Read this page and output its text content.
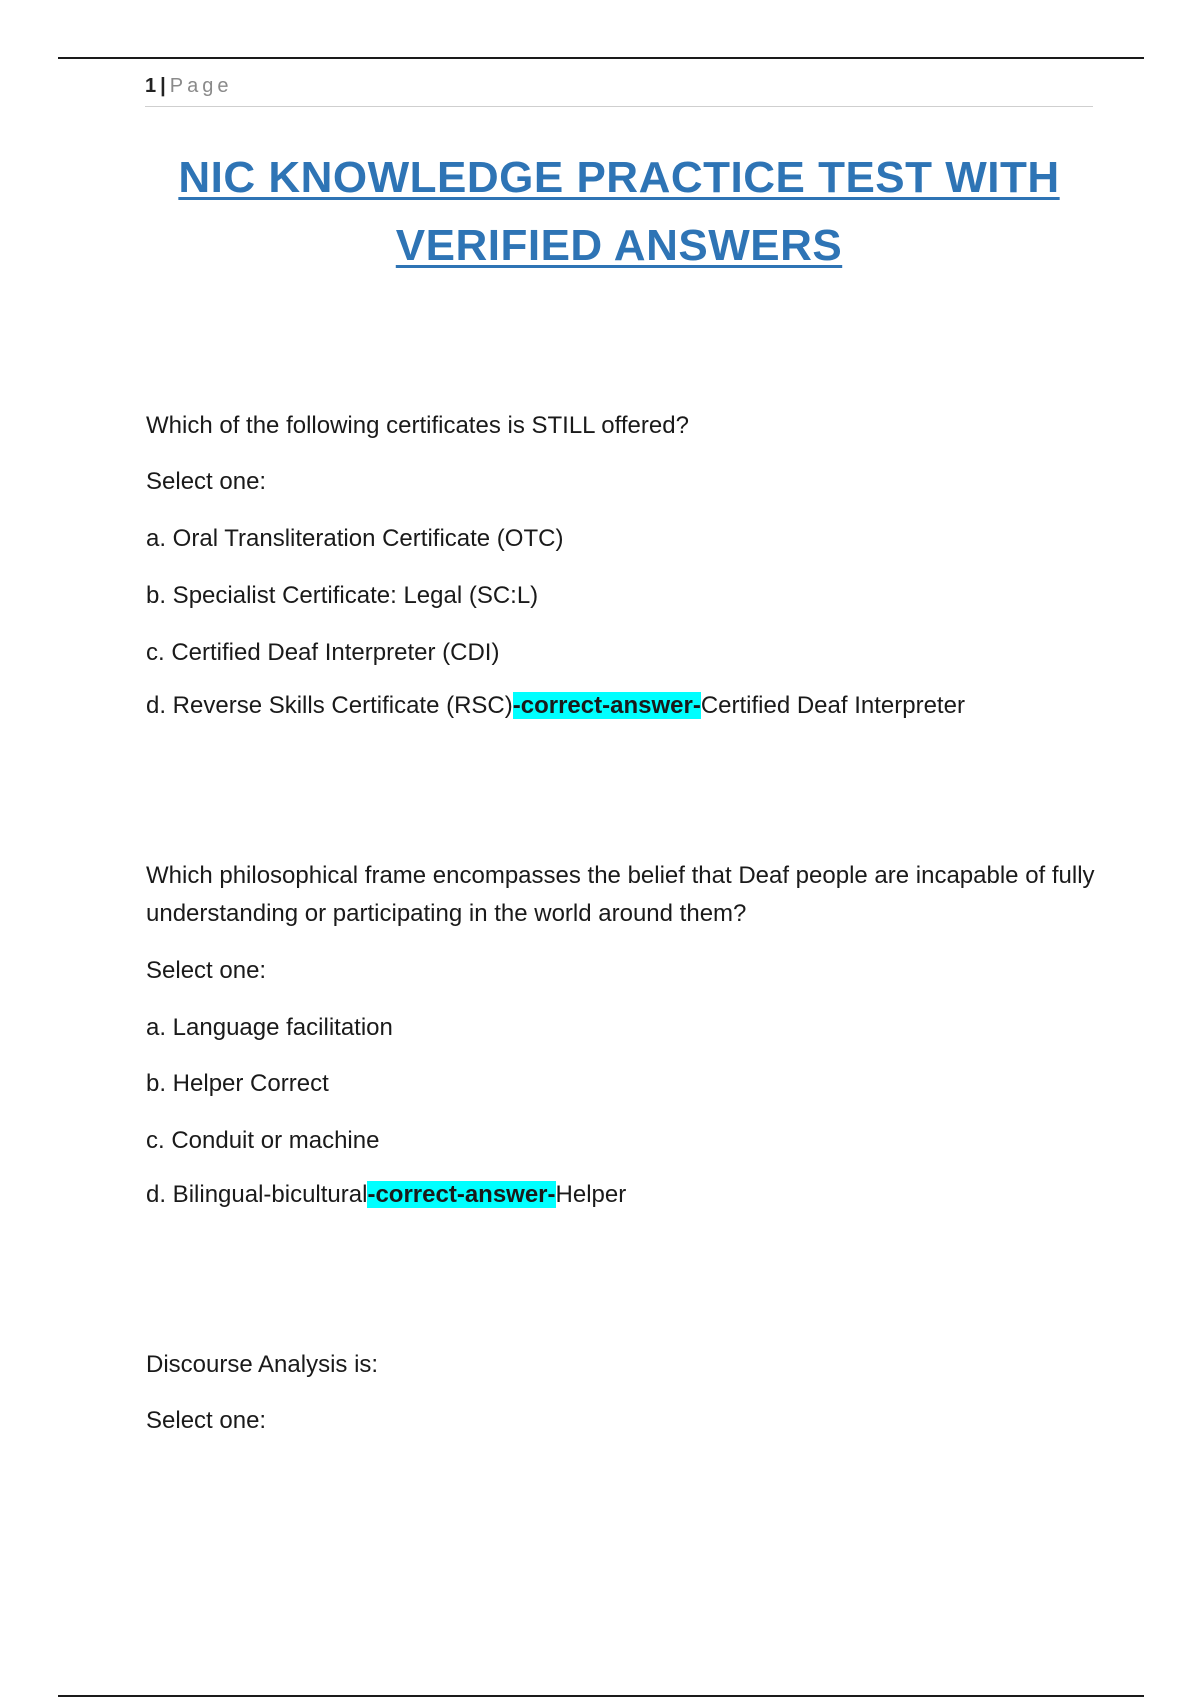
1 | Page
NIC KNOWLEDGE PRACTICE TEST WITH
VERIFIED ANSWERS
Which of the following certificates is STILL offered?
Select one:
a. Oral Transliteration Certificate (OTC)
b. Specialist Certificate: Legal (SC:L)
c. Certified Deaf Interpreter (CDI)
d. Reverse Skills Certificate (RSC)-correct-answer-Certified Deaf Interpreter
Which philosophical frame encompasses the belief that Deaf people are incapable of fully understanding or participating in the world around them?
Select one:
a. Language facilitation
b. Helper Correct
c. Conduit or machine
d. Bilingual-bicultural-correct-answer-Helper
Discourse Analysis is:
Select one:
